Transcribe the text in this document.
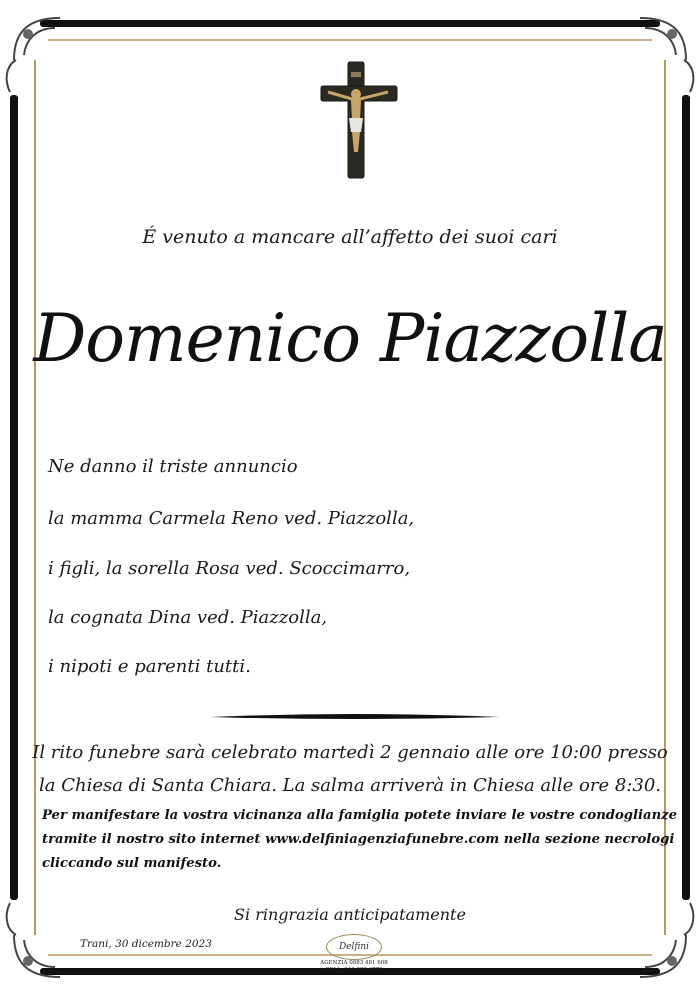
É venuto a mancare all’affetto dei suoi cari
Domenico Piazzolla
Ne danno il triste annuncio
la mamma Carmela Reno ved. Piazzolla,
i figli, la sorella Rosa ved. Scoccimarro,
la cognata Dina ved. Piazzolla,
i nipoti e parenti tutti.
Il rito funebre sarà celebrato martedì 2 gennaio alle ore 10:00 presso
la Chiesa di Santa Chiara. La salma arriverà in Chiesa alle ore 8:30.
Per manifestare la vostra vicinanza alla famiglia potete inviare le vostre condoglianze
tramite il nostro sito internet www.delfiniagenziafunebre.com nella sezione necrologi
cliccando sul manifesto.
Si ringrazia anticipatamente
Trani, 30 dicembre 2023	Delfini
AGENZIA 0883 481 608
CELL. 340 282 6772
